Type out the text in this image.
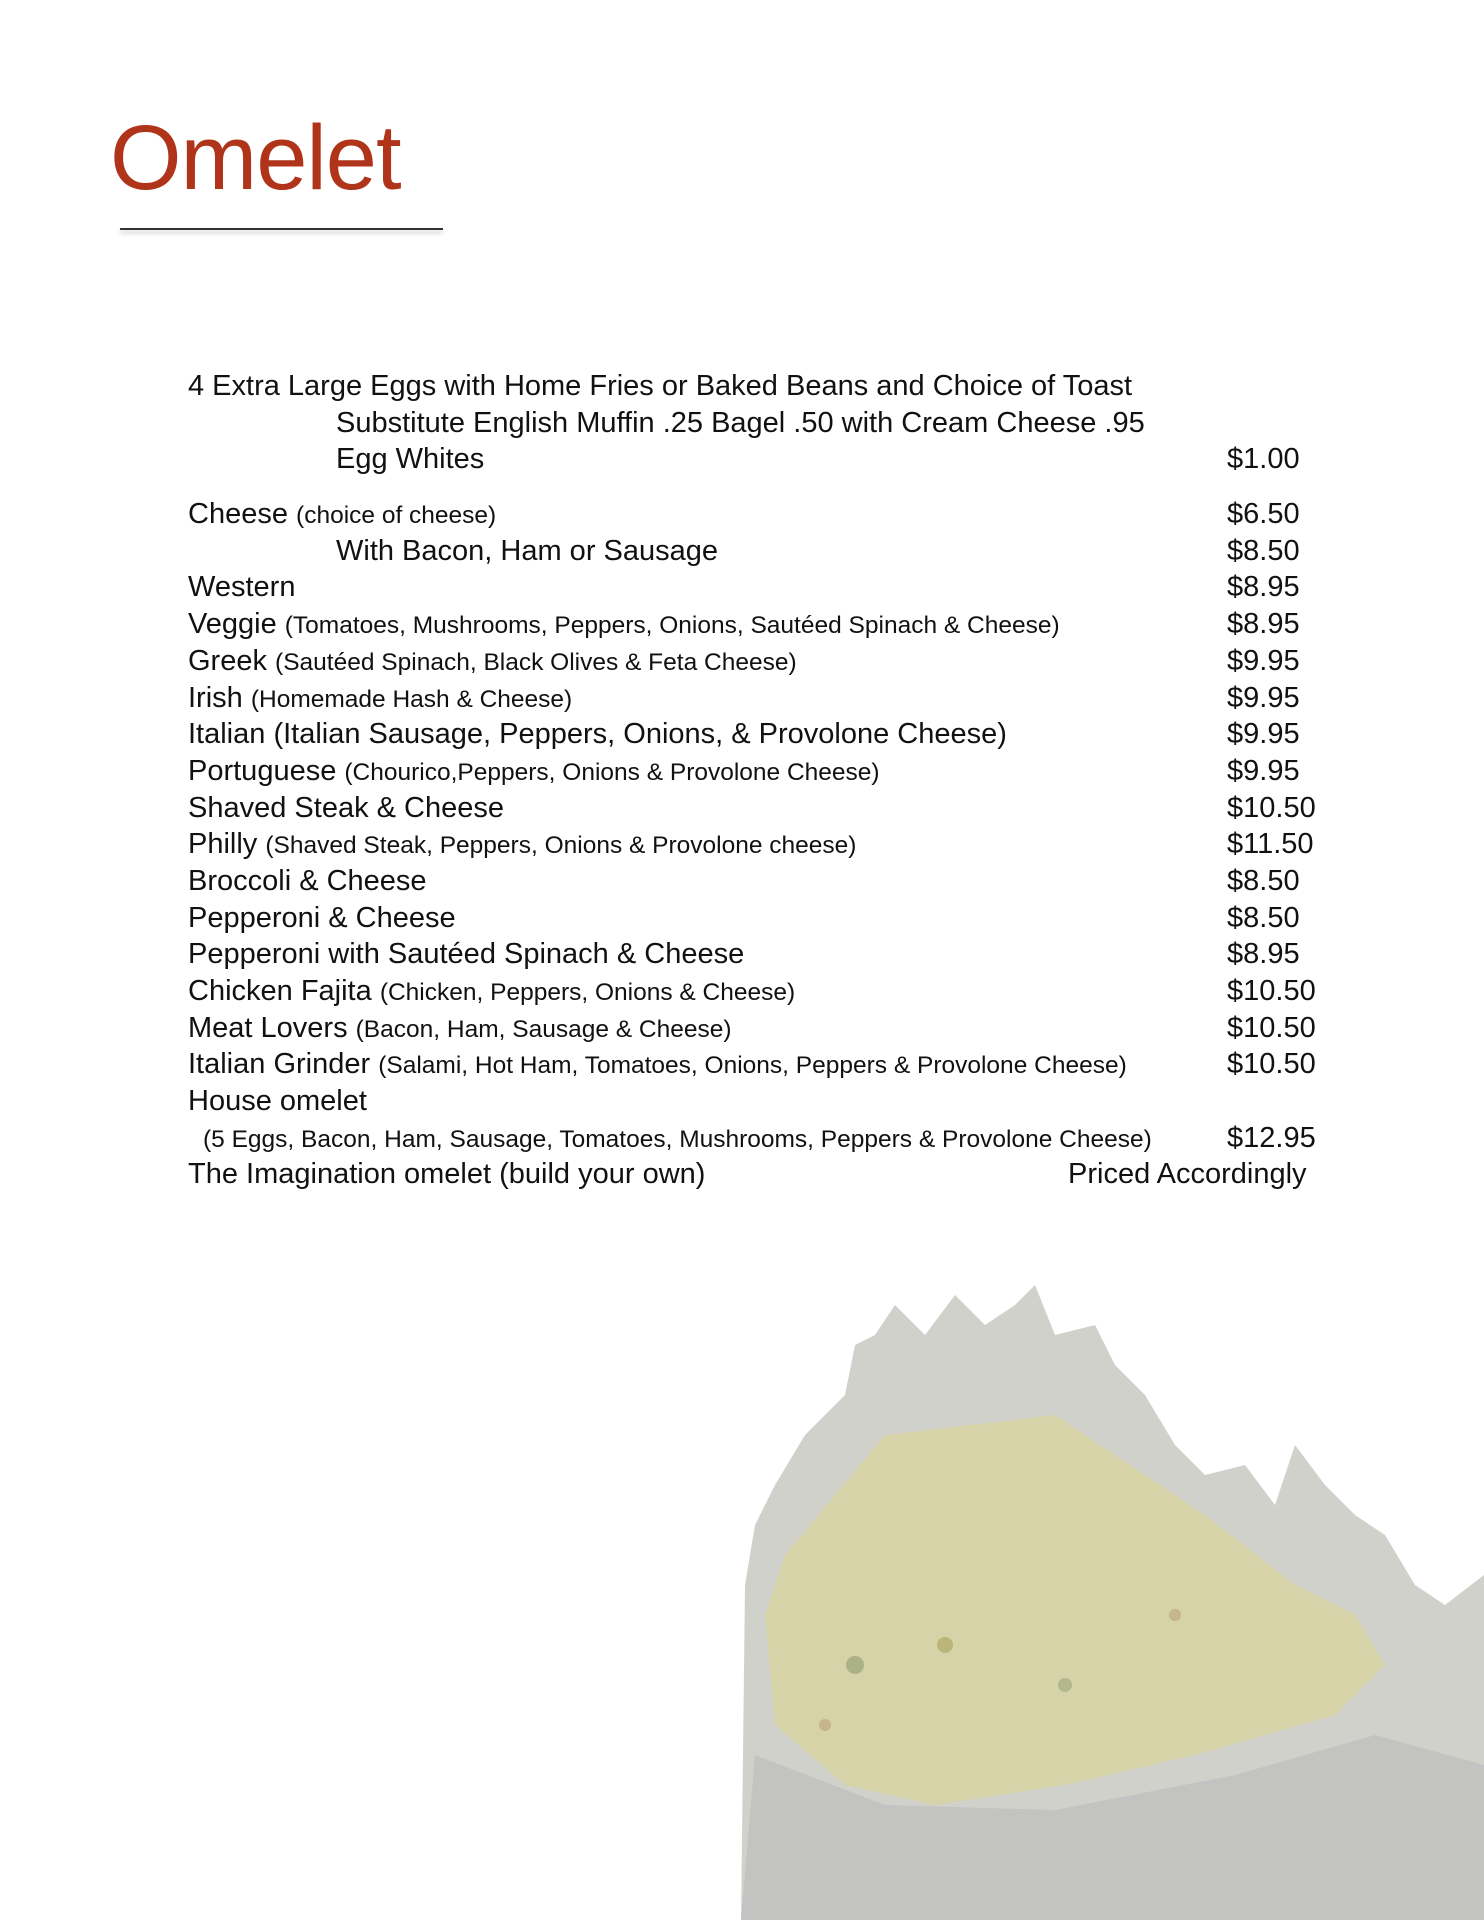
Omelet
4 Extra Large Eggs with Home Fries or Baked Beans and Choice of Toast
Substitute English Muffin .25 Bagel .50 with Cream Cheese .95
Egg Whites	$1.00
Cheese (choice of cheese)	$6.50
With Bacon, Ham or Sausage	$8.50
Western	$8.95
Veggie (Tomatoes, Mushrooms, Peppers, Onions, Sautéed Spinach & Cheese)	$8.95
Greek (Sautéed Spinach, Black Olives & Feta Cheese)	$9.95
Irish (Homemade Hash & Cheese)	$9.95
Italian (Italian Sausage, Peppers, Onions, & Provolone Cheese)	$9.95
Portuguese (Chourico,Peppers, Onions & Provolone Cheese)	$9.95
Shaved Steak & Cheese	$10.50
Philly (Shaved Steak, Peppers, Onions & Provolone cheese)	$11.50
Broccoli & Cheese	$8.50
Pepperoni & Cheese	$8.50
Pepperoni with Sautéed Spinach & Cheese	$8.95
Chicken Fajita (Chicken, Peppers, Onions & Cheese)	$10.50
Meat Lovers (Bacon, Ham, Sausage & Cheese)	$10.50
Italian Grinder (Salami, Hot Ham, Tomatoes, Onions, Peppers & Provolone Cheese)	$10.50
House omelet
(5 Eggs, Bacon, Ham, Sausage, Tomatoes, Mushrooms, Peppers & Provolone Cheese)	$12.95
The Imagination omelet (build your own)	Priced Accordingly
